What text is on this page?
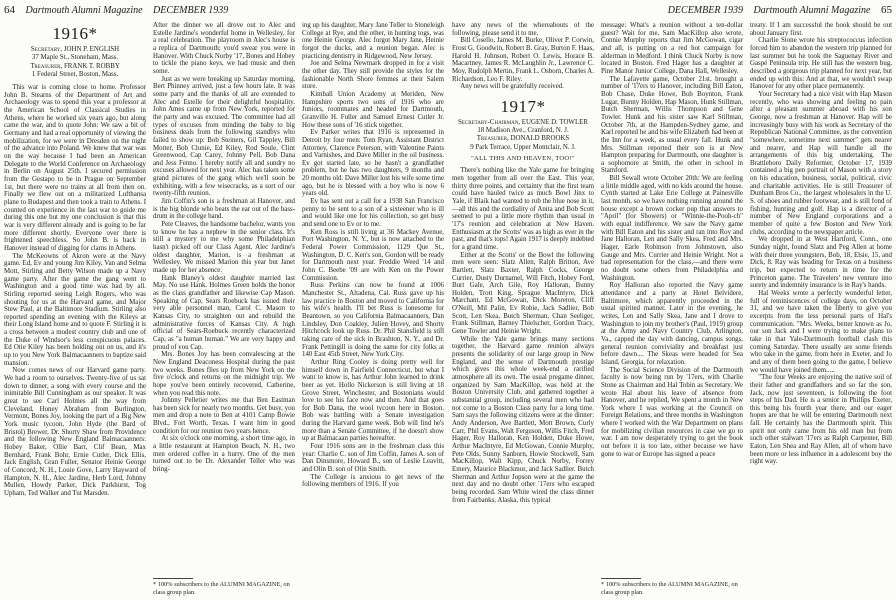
64 Dartmouth Alumni Magazine DECEMBER 1939
1916*
Secretary, JOHN P. ENGLISH
37 Maple St., Stoneham, Mass.
Treasurer, FRANK T. ROBBY
1 Federal Street, Boston, Mass.

This war is coming close to home. Professor John B. Stearns of the Department of Art and Archaeology was to spend this year a professor at the American School of Classical Studies in Athens, where he worked six years ago, but along came the war, and to quote John: We saw a bit of Germany and had a real opportunity of viewing the mobilization, for we were in Dresden on the night of the advance into Poland. We knew that war was on the way because I had been an American Delegate to the World Conference on Archaeology in Berlin on August 25th. I secured permission from the Gestapo to be in Prague on September 1st, but there were no trains at all from then on. Finally we flew out on a militarized Lufthansa plane to Budapest and then took a train to Athens. I counted on experience in the last war to guide me during this one but my one conclusion is that this war is very different already and is going to be far more different shortly. Everyone over there is frightened speechless. So John B. is back in Hanover instead of digging for clams in Athens.

The McKeowns of Akron were at the Navy game. Ed, Ev and young Jim Kiley, Van and Selma Mott, Stirling and Betty Wilson made up a Navy game party. After the game the gang went to Washington and a good time was had by all. Stirling reported seeing Leigh Rogers, who was shouting for us at the Harvard game, and Major Stew Paul, at the Baltimore Stadium. Stirling also reported spending an evening with the Kileys at their Long Island home and to quote F. Stirling it is a cross between a modest country club and one of the Duke of Windsor's less conspicuous palaces. Ed Otie Kiley has been holding out on us, and it's up to you New York Balmacaanners to baptize said mansion.

Now comes news of our Harvard game party. We had a room to ourselves. Twenty-five of us sat down to dinner, a song with every course and the inimitable Bill Cunningham as our speaker. It was great to see Carl Holmes all the way from Cleveland, Honey Abraham from Burlington, Vermont, Bones Joy, looking the part of a Big New York music tycoon, John Hyde (the Bard of Bristol) Brewer, Dr. Shorty Shaw from Providence and the following New England Balmacaanners: Hobey Baker, Ollie Barr, Clif Bean, Max Bernhard, Frank Bohr, Ernie Cutler, Dick Ellis, Jack English, Gran Fuller, Senator Heinie George of Concord, N. H., Louie Gove, Larry Hayward of Hampton, N. H., Alec Jardine, Herb Lord, Johnny Mullen, Howdy Parker, Dick Parkhurst, Tog Upham, Ted Walker and Tut Marsden.

After the dinner we all drove out to Alec and Estelle Jardine's wonderful home in Wellesley, for a real celebration. The playroom in Alec's house is a replica of Dartmouth; you'd swear you were in Hanover. With Chuck Norby '17, Bones and Hobey to tickle the piano keys, we had music and then some.

Just as we were breaking up Saturday morning, Bert Phinney arrived, just a few hours late. It was some party and the thanks of all are extended to Alec and Estelle for their delightful hospitality. John Ames came up from New York, reported for the party and was excused. The committee had all types of excuses from minding the baby to big business deals from the following standbys who failed to show up: Bob Steiners, Gil Tappley, Bill Motter, Bob Clunie, Ed Kiley, Rod Soule, Clint Greenwood, Cap Carey, Johnny Pell, Bob Dana and Jess Fenno. I hereby notify all and sundry no excuses allowed for next year. Alec has taken some grand pictures of the gang which we'll soon be exhibiting, with a few wisecracks, as a sort of our twenty-fifth reunion.

Jim Coffin's son is a freshman at Hanover, and is the big blonde who beats the ear out of the bass-drum in the college band.

Pete Cleaves, the handsome bachelor, wants you to know he has a nephew in the senior class. It's still a mystery to me why some Philadelphian hasn't picked off our Class Agent. Alec Jardine's oldest daughter, Marion, is a freshman at Wellesley. We missed Marion this year but Janet made up for her absence.

Hank Blaney's oldest daughter married last May. No use Hank. Holmes Green holds the honor as the class grandfather and likewise Cap Mason. Speaking of Cap, Sears Roebuck has issued their very able personnel man, Carol C. Mason to Kansas City, to straighten out and rebuild the administrative forces of Kansas City. A high official of Sears-Roebuck recently characterized Cap, as "a human human." We are very happy and proud of you Cap.

Mrs. Bones Joy has been convalescing at the New England Deaconess Hospital during the past two weeks. Bones flies up from New York on the five o'clock and returns on the midnight trip. We hope you've been entirely recovered, Catherine, when you read this note.

Johnny Pelletier writes me that Ben Eastman has been sick for nearly two months. Get busy, you men and drop a note to Ben at 4101 Camp Bowie Blvd., Fort Worth, Texas. I want him in good condition for our reunion two years hence.

At six o'clock one morning, a short time ago, in a little restaurant at Hampton Beach, N. H., two men ordered coffee in a hurry. One of the men turned out to be Dr. Alexander Teller who was bring-

* 100% subscribers to the ALUMNI MAGAZINE, on class group plan.

ing up his daughter, Mary Jane Teller to Stoneleigh College at Rye, and the other, in hunting togs, was one Heinie George. Alec forgot Mary Jane, Heinie forgot the ducks, and a reunion began. Alec is practicing dentistry in Ridgewood, New Jersey.

Joe and Selma Newmark dropped in for a visit the other day. They still provide the styles for the fashionable North Shore femmes at their Salem store.

Kimball Union Academy at Meriden, New Hampshire sports two sons of 1916 who are Juniors, roommates and headed for Dartmouth, Granville H. Fuller and Samuel Ernest Cutler Jr. How these sons of '16 stick together.

Ev Parker writes that 1916 is represented in Detroit by four men: Tom Ryan, Assistant District Attorney, Clarence Peterson, with Valentine Paints and Varnishes, and Dave Miller in the oil business. Ev got started late, so he hasn't a grandfather problem, but he has two daughters, 9 months and 20 months old. Dave Miller lost his wife some time ago, but he is blessed with a boy who is now 6 years old.

Ev has sent out a call for a 1938 San Francisco penny to be sent to a son of a sixteener who is ill and would like one for his collection, so get busy and send one to Ev or to me.

Ken Ross is still living at 36 Mackey Avenue, Port Washington, N. Y., but is now attached to the Federal Power Commission, 1129 Que St., Washington, D. C. Ken's son, Gordon will be ready for Dartmouth next year. Freddie Weed '14 and John C. Beebe '09 are with Ken on the Power Commission.

Russ Perkins can now be found at 1006 Manchester St., Altadena, Cal. Russ gave up his law practice in Boston and moved to California for his wife's health. I'll bet Russ is lonesome for Beantown, so you California Balmacaanners, Dan Lindsley, Don Coakley, Julien Hovey, and Shorty Hitchcock look up Russ. Dr. Phil Stansfield is still taking care of the sick in Brashton, N. Y., and Dr. Frank Pettingill is doing the same for city folks at 140 East 45th Street, New York City.

Arthur Ring Cooley is doing pretty well for himself down in Fairfield Connecticut, but what I want to know is, has Arthur John learned to drink beer as yet. Hollo Nickerson is still living at 18 Grove Street, Winchester, and Bostonians would love to see his face now and then. And that goes for Bob Dana, the wool tycoon here in Boston. Bob was battling with a Senate investigation during the Harvard game week. Bob will find he's more than a Senate Committee, if he doesn't show up at Balmacaan parties hereafter.

Four 1916 sons are in the freshman class this year: Charlie C. son of Jim Coffin, James A. son of Dan Dinsmore, Howard B., son of Leslie Leavitt, and Olin B. son of Olin Smith.

The College is anxious to get news of the following members of 1916. If you

DECEMBER 1939 Dartmouth Alumni Magazine 65

have any news of the whereabouts of the following, please send it to me.

Bill Cosello, James M. Burke, Oliver P. Corwin, Frost G. Goodwin, Robert B. Gray, Burton F. Haas, Harold H. Johnson, Robert O. Lewis, Horace B. Macartney, James R. McLaughlin Jr., Lawrence C. Moy, Rudolph Mertin, Frank L. Osborn, Charles A. Richardson, Leo F. Riley.

Any news will be gratefully received.

1917*
Secretary-Chairman, EUGENE D. TOWLER
18 Madison Ave., Cranford, N. J.
Treasurer, DONALD BROOKS
9 Park Terrace, Upper Montclair, N. J.
"ALL THIS AND HEAVEN, TOO!"

There's nothing like the Yale game for bringing men together from all over the East. This year, thirty three points, and certainty that the first team could have hauled twice as much Bowl Jinx to Yale, if Blaik had wanted to rub the blue nose in it,—all this and the cordiality of Anita and Bob Scott seemed to put a little more rhythm than usual in '17's reunion and celebration at New Haven. Enthusiasm at the Scotts' was as high as ever in the past, and that's tops! Again 1917 is deeply indebted for a grand time.

Either at the Scotts' or the Bowl the following men were seen: Slatz Allen, Ralph Britton, Ave Bartlett, Slatz Baxter, Ralph Cocks, George Currier, Dusty Durnamel, Will Fitch, Hobey Ford, Burt Gale, Arch Gile, Roy Halloran, Bunny Holden, Trott King, Sprague MacIntyre, Dick Marchant, Ed McGowan, Dick Moreton, Cliff O'Neill, Mil Palin, Ev Robie, Jack Sadlier, Bob Scott, Len Skea, Butch Sherman, Chan Seeliger, Frank Stillman, Barney Thielscher, Gordon Tracy, Gene Towler and Heinie Wright.

While the Yale game brings many sections together, the Harvard game reunion always presents the solidarity of our large group in New England, and the sense of Dartmouth prestige which gives this whole week-end a rarified atmosphere all its own. The usual pregame dinner, organized by Sam MacKillop, was held at the Boston University Club, and gathered together a substantial group, including several men who had not come to a Boston Class party for a long time. Sam says the following citizens were at the dinner: Andy Anderson, Ave Bartlett, Mott Brown, Curly Carr, Phil Evans, Walt Ferguson, Willis Fitch, Fred Hager, Roy Halloran, Ken Holden, Duke Howe, Arthur MacIntyre, Ed McGowan, Connie Murphy, Pete Olds, Sunny Sanborn, Howie Stockwell, Sam MacKillop, Walt Kipp, Chuck Norby, Forrey Emery, Maurice Blackmur, and Jack Sadlier. Butch Sherman and Arthur Jopson were at the game the next day and no doubt other '17ers who escaped being recorded. Sam White wired the class dinner from Fairbanks, Alaska, this typical

message: What's a reunion without a ten-dollar guest? Wait for me. Sam MacKillop also wrote, Connie Murphy reports that Jim McGowan, cigar and all, is putting on a red hot campaign for alderman in Medford. I think Chuck Norby is now located in Boston. Fred Hager has a daughter at Pine Manor Junior College, Dana Hall, Wellesley.

The Lafayette game, October 21st, brought a number of '17ers to Hanover, including Bill Eaton, Bob Chase, Duke Howe, Bob Boynton, Frank Lugar, Bunny Holden, Hap Mason, Hunk Stillman, Butch Sherman, Willis Thompson and Gene Towler. Hunk and his sister saw Karl Stillman, October 7th, at the Hampden-Sydney game, and Karl reported he and his wife Elizabeth had been at the Inn for a week, as usual every fall. Hunk and Mrs. Stillman reported their son is at New Hampton preparing for Dartmouth, one daughter is a sophomore at Smith, the other in school in Stamford.

Bill Sewall wrote October 20th: We are feeling a little middle aged, with no kids around the house. Cynth started at Lake Erie College at Painesville last month, so we have nothing running around the house except a brown cocker pup that answers to "April" (for Showers) or "Winnie-the-Pooh-ch" with equal indifference. We saw the Navy game with Bill Eaton and his sister and ran into Roy and Jane Halloran, Len and Sally Skea, Fred and Mrs. Hager, Earle Robinson from Johnstown, also Gauge and Mrs. Currier and Heinie Wright. Not a bad representation for the class,—and there were no doubt some others from Philadelphia and Washington.

Roy Halloran also reported the Navy game attendance and a party at Hotel Belvidere, Baltimore, which apparently proceeded in the usual spirited manner. Later in the evening, he writes, Len and Sally Skea, Jane and I drove to Washington to join my brother's (Paul, 1919) group at the Army and Navy Country Club, Arlington, Va., capped the day with dancing, campus songs, general reunion conviviality and breakfast just before dawn.... The Skeas were headed for Sea Island, Georgia, for relaxation.

The Social Science Division of the Dartmouth faculty is now being run by '17ers, with Charlie Stone as Chairman and Hal Tobin as Secretary. We wrote Hal about his leave of absence from Hanover, and he replied, We spent a month in New York where I was working at the Council on Foreign Relations, and three months in Washington where I worked with the War Department on plans for mobilizing civilian resources in case we go to war. I am now desperately trying to get the book out before it is too late, either because we have gone to war or Europe has signed a peace

* 100% subscribers to the ALUMNI MAGAZINE, on class group plan.

treaty. If I am successful the book should be out about January first.

Charlie Stone wrote his streptococcus infection forced him to abandon the western trip planned for last summer but he took the Saguenay River and Gaspé Peninsula trip. He still has the western bug, described a gorgeous trip planned for next year, but ended up with this: And at that, we wouldn't swap Hanover for any other place permanently.

Your Secretary had a nice visit with Hap Mason recently, who was showing and feeling no pain after a pleasant summer abroad with his son George, now a freshman at Hanover. Hap will be increasingly busy with his work as Secretary of the Republican National Committee, as the convention "somewhere, sometime next summer" gets nearer and nearer, and Hap will handle all the arrangements of this big undertaking. The Brattleboro Daily Reformer, October 17, 1939 contained a big pen portrait of Mason with a story on his education, business, social, political, civic and charitable activities. He is still Treasurer of Dunham Bros Co., the largest wholesalers in the U. S. of shoes and rubber footwear, and is still fond of fishing, hunting and golf. Hap is a director of a number of New England corporations and a member of quite a few Boston and New York clubs, according to the newspaper article.

We dropped in at West Hartford, Conn., one Sunday night, found Slatz and Peg Allen at home with their three youngsters, Bob, 18, Elsie, 15, and Dick, 8. Ray was heading for Texas on a business trip, but expected to return in time for the Princeton game. The Travelers' new venture into surety and indemnity insurance is in Ray's hands.

Hal Weeks wrote a perfectly wonderful letter, full of reminiscences of college days, on October 31, and we have taken the liberty to give you excerpts from the less personal parts of Hal's communication. "Mrs. Weeks, better known as Jo, our son Jack and I were trying to make plans to take in that Yale-Dartmouth football clash this coming Saturday. There usually are some friends who take in the game, from here in Exeter, and Jo and any of them been going to the game, I believe we would have joined them.....

"The four Weeks are enjoying the native soil of their father and grandfathers and so far the son, Jack, now just seventeen, is following the foot steps of his Dad. He is a senior in Phillips Exeter, this being his fourth year there, and our eager hopes are that he will be entering Dartmouth next fall. He certainly has the Dartmouth spirit. This spirit not only came from his old man but from such other stalwart '17ers as Ralph Carpenter, Bill Eaton, Len Shea and Ray Allen, all of whom have been more or less influence in a adolescent boy the right way.
